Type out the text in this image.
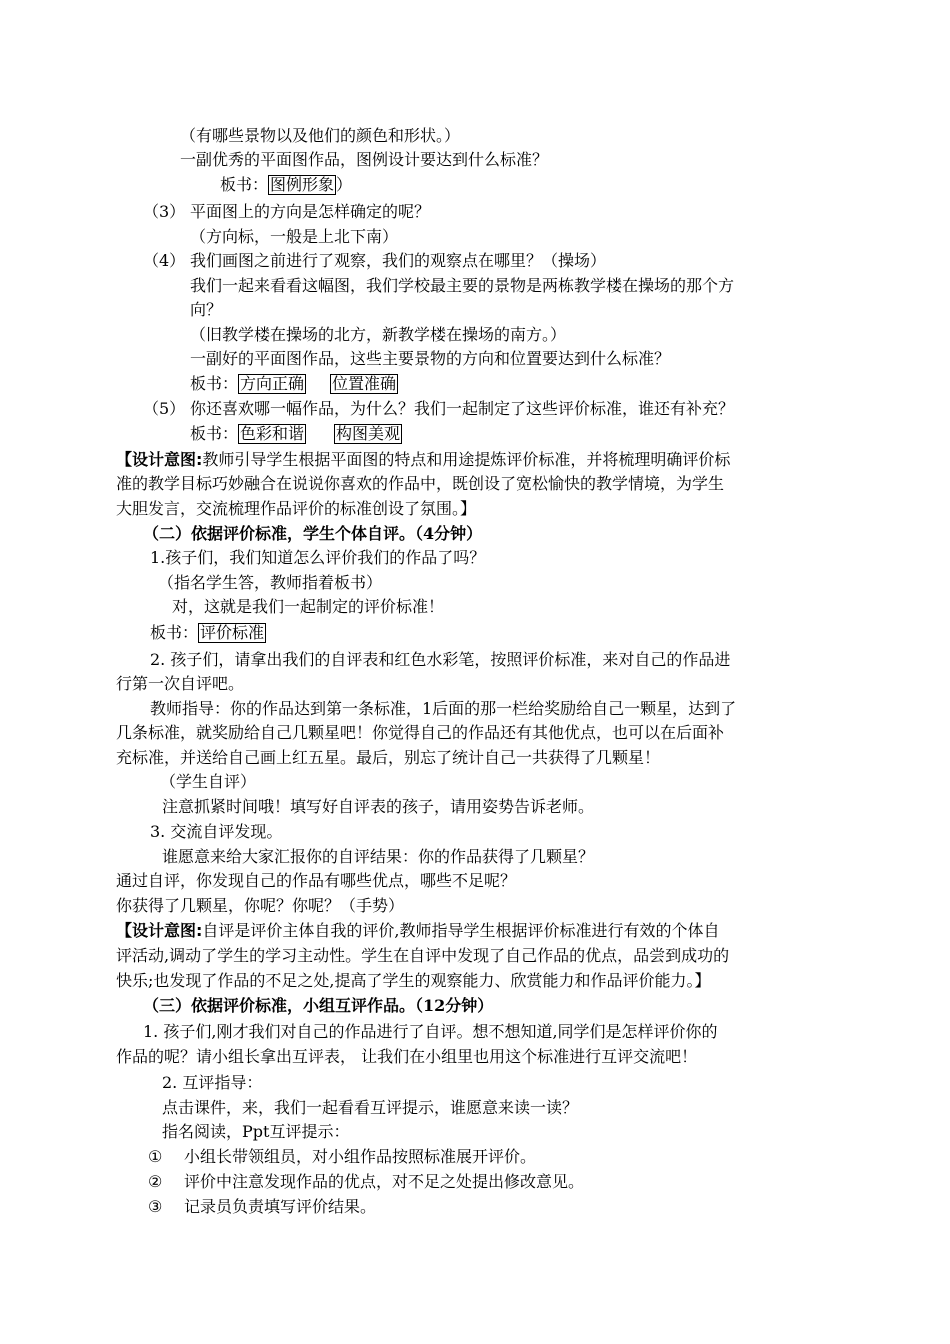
（有哪些景物以及他们的颜色和形状。）
一副优秀的平面图作品，图例设计要达到什么标准？
板书： 图例形象 ）
（3） 平面图上的方向是怎样确定的呢？
（方向标，一般是上北下南）
（4） 我们画图之前进行了观察，我们的观察点在哪里？（操场）
我们一起来看看这幅图，我们学校最主要的景物是两栋教学楼在操场的那个方
向？
（旧教学楼在操场的北方，新教学楼在操场的南方。）
一副好的平面图作品，这些主要景物的方向和位置要达到什么标准？
板书： 方向正确 位置准确
（5） 你还喜欢哪一幅作品，为什么？我们一起制定了这些评价标准，谁还有补充？
板书： 色彩和谐 构图美观
【设计意图:教师引导学生根据平面图的特点和用途提炼评价标准，并将梳理明确评价标
准的教学目标巧妙融合在说说你喜欢的作品中，既创设了宽松愉快的教学情境，为学生
大胆发言，交流梳理作品评价的标准创设了氛围。】
（二）依据评价标准，学生个体自评。（4分钟）
1.孩子们，我们知道怎么评价我们的作品了吗？
（指名学生答，教师指着板书）
对，这就是我们一起制定的评价标准！
板书： 评价标准
2. 孩子们，请拿出我们的自评表和红色水彩笔，按照评价标准，来对自己的作品进
行第一次自评吧。
教师指导：你的作品达到第一条标准，1后面的那一栏给奖励给自己一颗星，达到了
几条标准，就奖励给自己几颗星吧！你觉得自己的作品还有其他优点，也可以在后面补
充标准，并送给自己画上红五星。最后，别忘了统计自己一共获得了几颗星！
（学生自评）
注意抓紧时间哦！填写好自评表的孩子，请用姿势告诉老师。
3. 交流自评发现。
谁愿意来给大家汇报你的自评结果：你的作品获得了几颗星？
通过自评，你发现自己的作品有哪些优点，哪些不足呢？
你获得了几颗星，你呢？你呢？（手势）
【设计意图:自评是评价主体自我的评价,教师指导学生根据评价标准进行有效的个体自
评活动,调动了学生的学习主动性。学生在自评中发现了自己作品的优点，品尝到成功的
快乐;也发现了作品的不足之处,提高了学生的观察能力、欣赏能力和作品评价能力。】
（三）依据评价标准，小组互评作品。（12分钟）
1. 孩子们,刚才我们对自己的作品进行了自评。想不想知道,同学们是怎样评价你的
作品的呢？请小组长拿出互评表， 让我们在小组里也用这个标准进行互评交流吧！
2. 互评指导：
点击课件，来，我们一起看看互评提示，谁愿意来读一读？
指名阅读，Ppt互评提示：
① 小组长带领组员，对小组作品按照标准展开评价。
② 评价中注意发现作品的优点，对不足之处提出修改意见。
③ 记录员负责填写评价结果。
